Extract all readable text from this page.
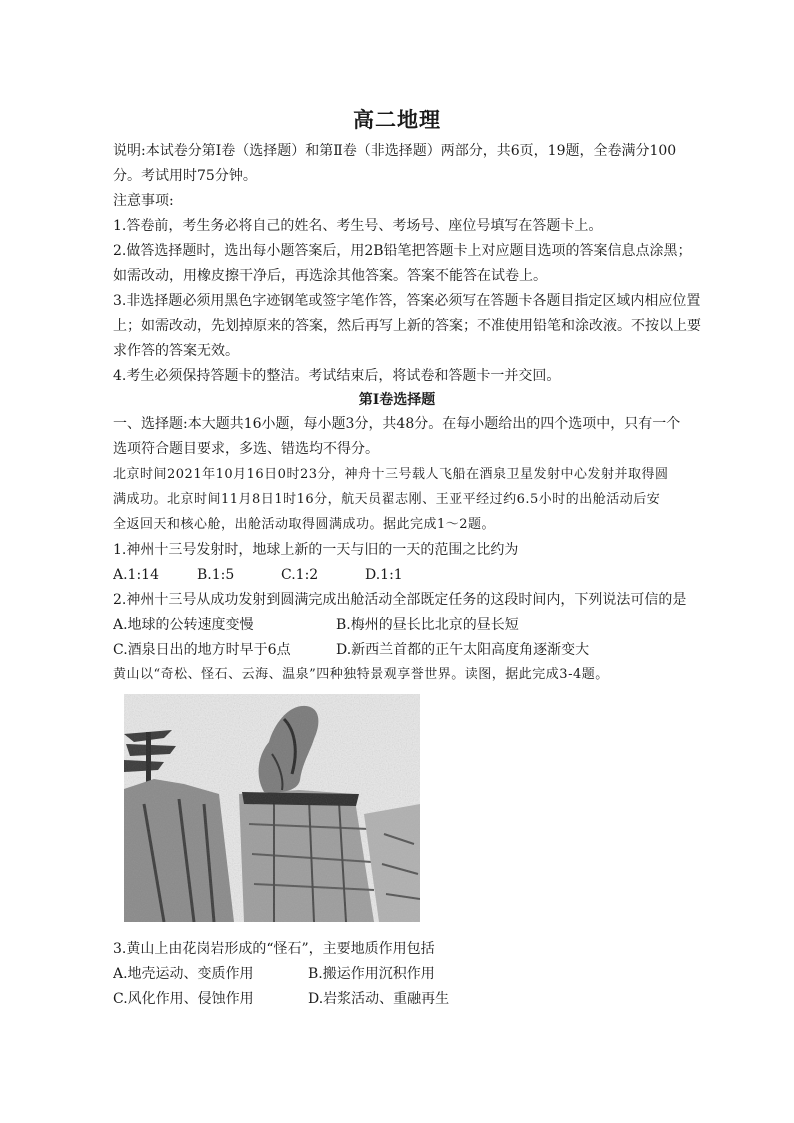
高二地理
说明:本试卷分第Ⅰ卷（选择题）和第Ⅱ卷（非选择题）两部分，共6页，19题，全卷满分100
分。考试用时75分钟。
注意事项:
1.答卷前，考生务必将自己的姓名、考生号、考场号、座位号填写在答题卡上。
2.做答选择题时，选出每小题答案后，用2B铅笔把答题卡上对应题目选项的答案信息点涂黑；
如需改动，用橡皮擦干净后，再选涂其他答案。答案不能答在试卷上。
3.非选择题必须用黑色字迹钢笔或签字笔作答，答案必须写在答题卡各题目指定区域内相应位置
上；如需改动，先划掉原来的答案，然后再写上新的答案；不准使用铅笔和涂改液。不按以上要
求作答的答案无效。
4.考生必须保持答题卡的整洁。考试结束后，将试卷和答题卡一并交回。
第Ⅰ卷选择题
一、选择题:本大题共16小题，每小题3分，共48分。在每小题给出的四个选项中，只有一个
选项符合题目要求，多选、错选均不得分。
北京时间2021年10月16日0时23分，神舟十三号载人飞船在酒泉卫星发射中心发射并取得圆
满成功。北京时间11月8日1时16分，航天员翟志刚、王亚平经过约6.5小时的出舱活动后安
全返回天和核心舱，出舱活动取得圆满成功。据此完成1～2题。
1.神州十三号发射时，地球上新的一天与旧的一天的范围之比约为
A.1:14	B.1:5	C.1:2	D.1:1
2.神州十三号从成功发射到圆满完成出舱活动全部既定任务的这段时间内，下列说法可信的是
A.地球的公转速度变慢	B.梅州的昼长比北京的昼长短
C.酒泉日出的地方时早于6点	D.新西兰首都的正午太阳高度角逐渐变大
黄山以“奇松、怪石、云海、温泉”四种独特景观享誉世界。读图，据此完成3-4题。
3.黄山上由花岗岩形成的“怪石”，主要地质作用包括
A.地壳运动、变质作用	B.搬运作用沉积作用
C.风化作用、侵蚀作用	D.岩浆活动、重融再生
